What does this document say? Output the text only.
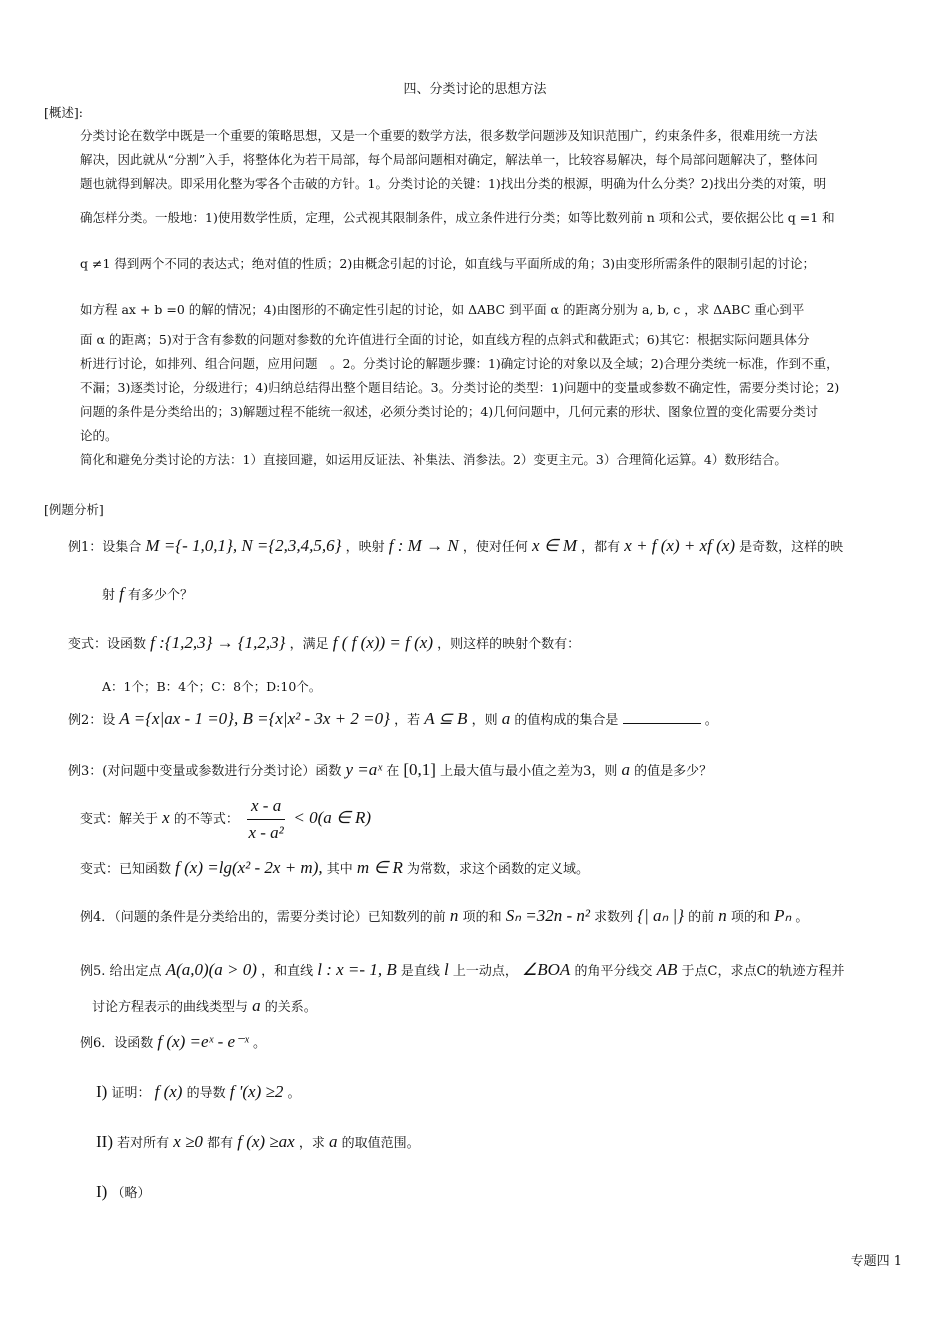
四、分类讨论的思想方法
[概述]:
分类讨论在数学中既是一个重要的策略思想，又是一个重要的数学方法，很多数学问题涉及知识范围广，约束条件多，很难用统一方法
解决，因此就从“分割”入手，将整体化为若干局部，每个局部问题相对确定，解法单一，比较容易解决，每个局部问题解决了，整体问
题也就得到解决。即采用化整为零各个击破的方针。1。分类讨论的关键：1)找出分类的根源，明确为什么分类？2)找出分类的对策，明
确怎样分类。一般地：1)使用数学性质，定理，公式视其限制条件，成立条件进行分类；如等比数列前 n 项和公式，要依据公比 q =1 和
q ≠1 得到两个不同的表达式；绝对值的性质；2)由概念引起的讨论，如直线与平面所成的角；3)由变形所需条件的限制引起的讨论；
如方程 ax + b =0 的解的情况；4)由图形的不确定性引起的讨论，如 ΔABC 到平面 α 的距离分别为 a, b, c ，求 ΔABC 重心到平
面 α 的距离；5)对于含有参数的问题对参数的允许值进行全面的讨论，如直线方程的点斜式和截距式；6)其它：根据实际问题具体分
析进行讨论，如排列、组合问题，应用问题　。2。分类讨论的解题步骤：1)确定讨论的对象以及全域；2)合理分类统一标准，作到不重，
不漏；3)逐类讨论，分级进行；4)归纳总结得出整个题目结论。3。分类讨论的类型：1)问题中的变量或参数不确定性，需要分类讨论；2)
问题的条件是分类给出的；3)解题过程不能统一叙述，必须分类讨论的；4)几何问题中，几何元素的形状、图象位置的变化需要分类讨
论的。
简化和避免分类讨论的方法：1）直接回避，如运用反证法、补集法、消参法。2）变更主元。3）合理简化运算。4）数形结合。
[例题分析]
例1：设集合 M ={- 1,0,1}, N ={2,3,4,5,6} ，映射 f : M → N ，使对任何 x ∈ M ，都有 x + f (x) + xf (x) 是奇数，这样的映
射 f 有多少个？
变式：设函数 f :{1,2,3} → {1,2,3} ，满足 f ( f (x)) = f (x) ，则这样的映射个数有：
A：1个；B：4个；C：8个；D:10个。
例2：设 A ={x|ax - 1 =0}, B ={x|x² - 3x + 2 =0} ，若 A ⊆ B ，则 a 的值构成的集合是	。
例3：(对问题中变量或参数进行分类讨论）函数 y =aˣ 在 [0,1] 上最大值与最小值之差为3，则 a 的值是多少？
变式：解关于 x 的不等式： $\frac{x - a}{\text{x - a²}} < 0(a$ ∈ R)
变式：已知函数 f (x) =lg(x² - 2x + m), 其中 m ∈ R 为常数，求这个函数的定义域。
例4．（问题的条件是分类给出的，需要分类讨论）已知数列的前 n 项的和 Sₙ =32n - n² 求数列 {| aₙ |} 的前 n 项的和 Pₙ 。
例5. 给出定点 A(a,0)(a > 0) ，和直线 l : x =- 1, B 是直线 l 上一动点， ∠BOA 的角平分线交 AB 于点C，求点C的轨迹方程并
讨论方程表示的曲线类型与 a 的关系。
例6．设函数 f (x) =eˣ - e⁻ˣ 。
I) 证明： f (x) 的导数 f '(x) ≥2 。
II) 若对所有 x ≥0 都有 f (x) ≥ax ，求 a 的取值范围。
I) （略）
专题四 1
